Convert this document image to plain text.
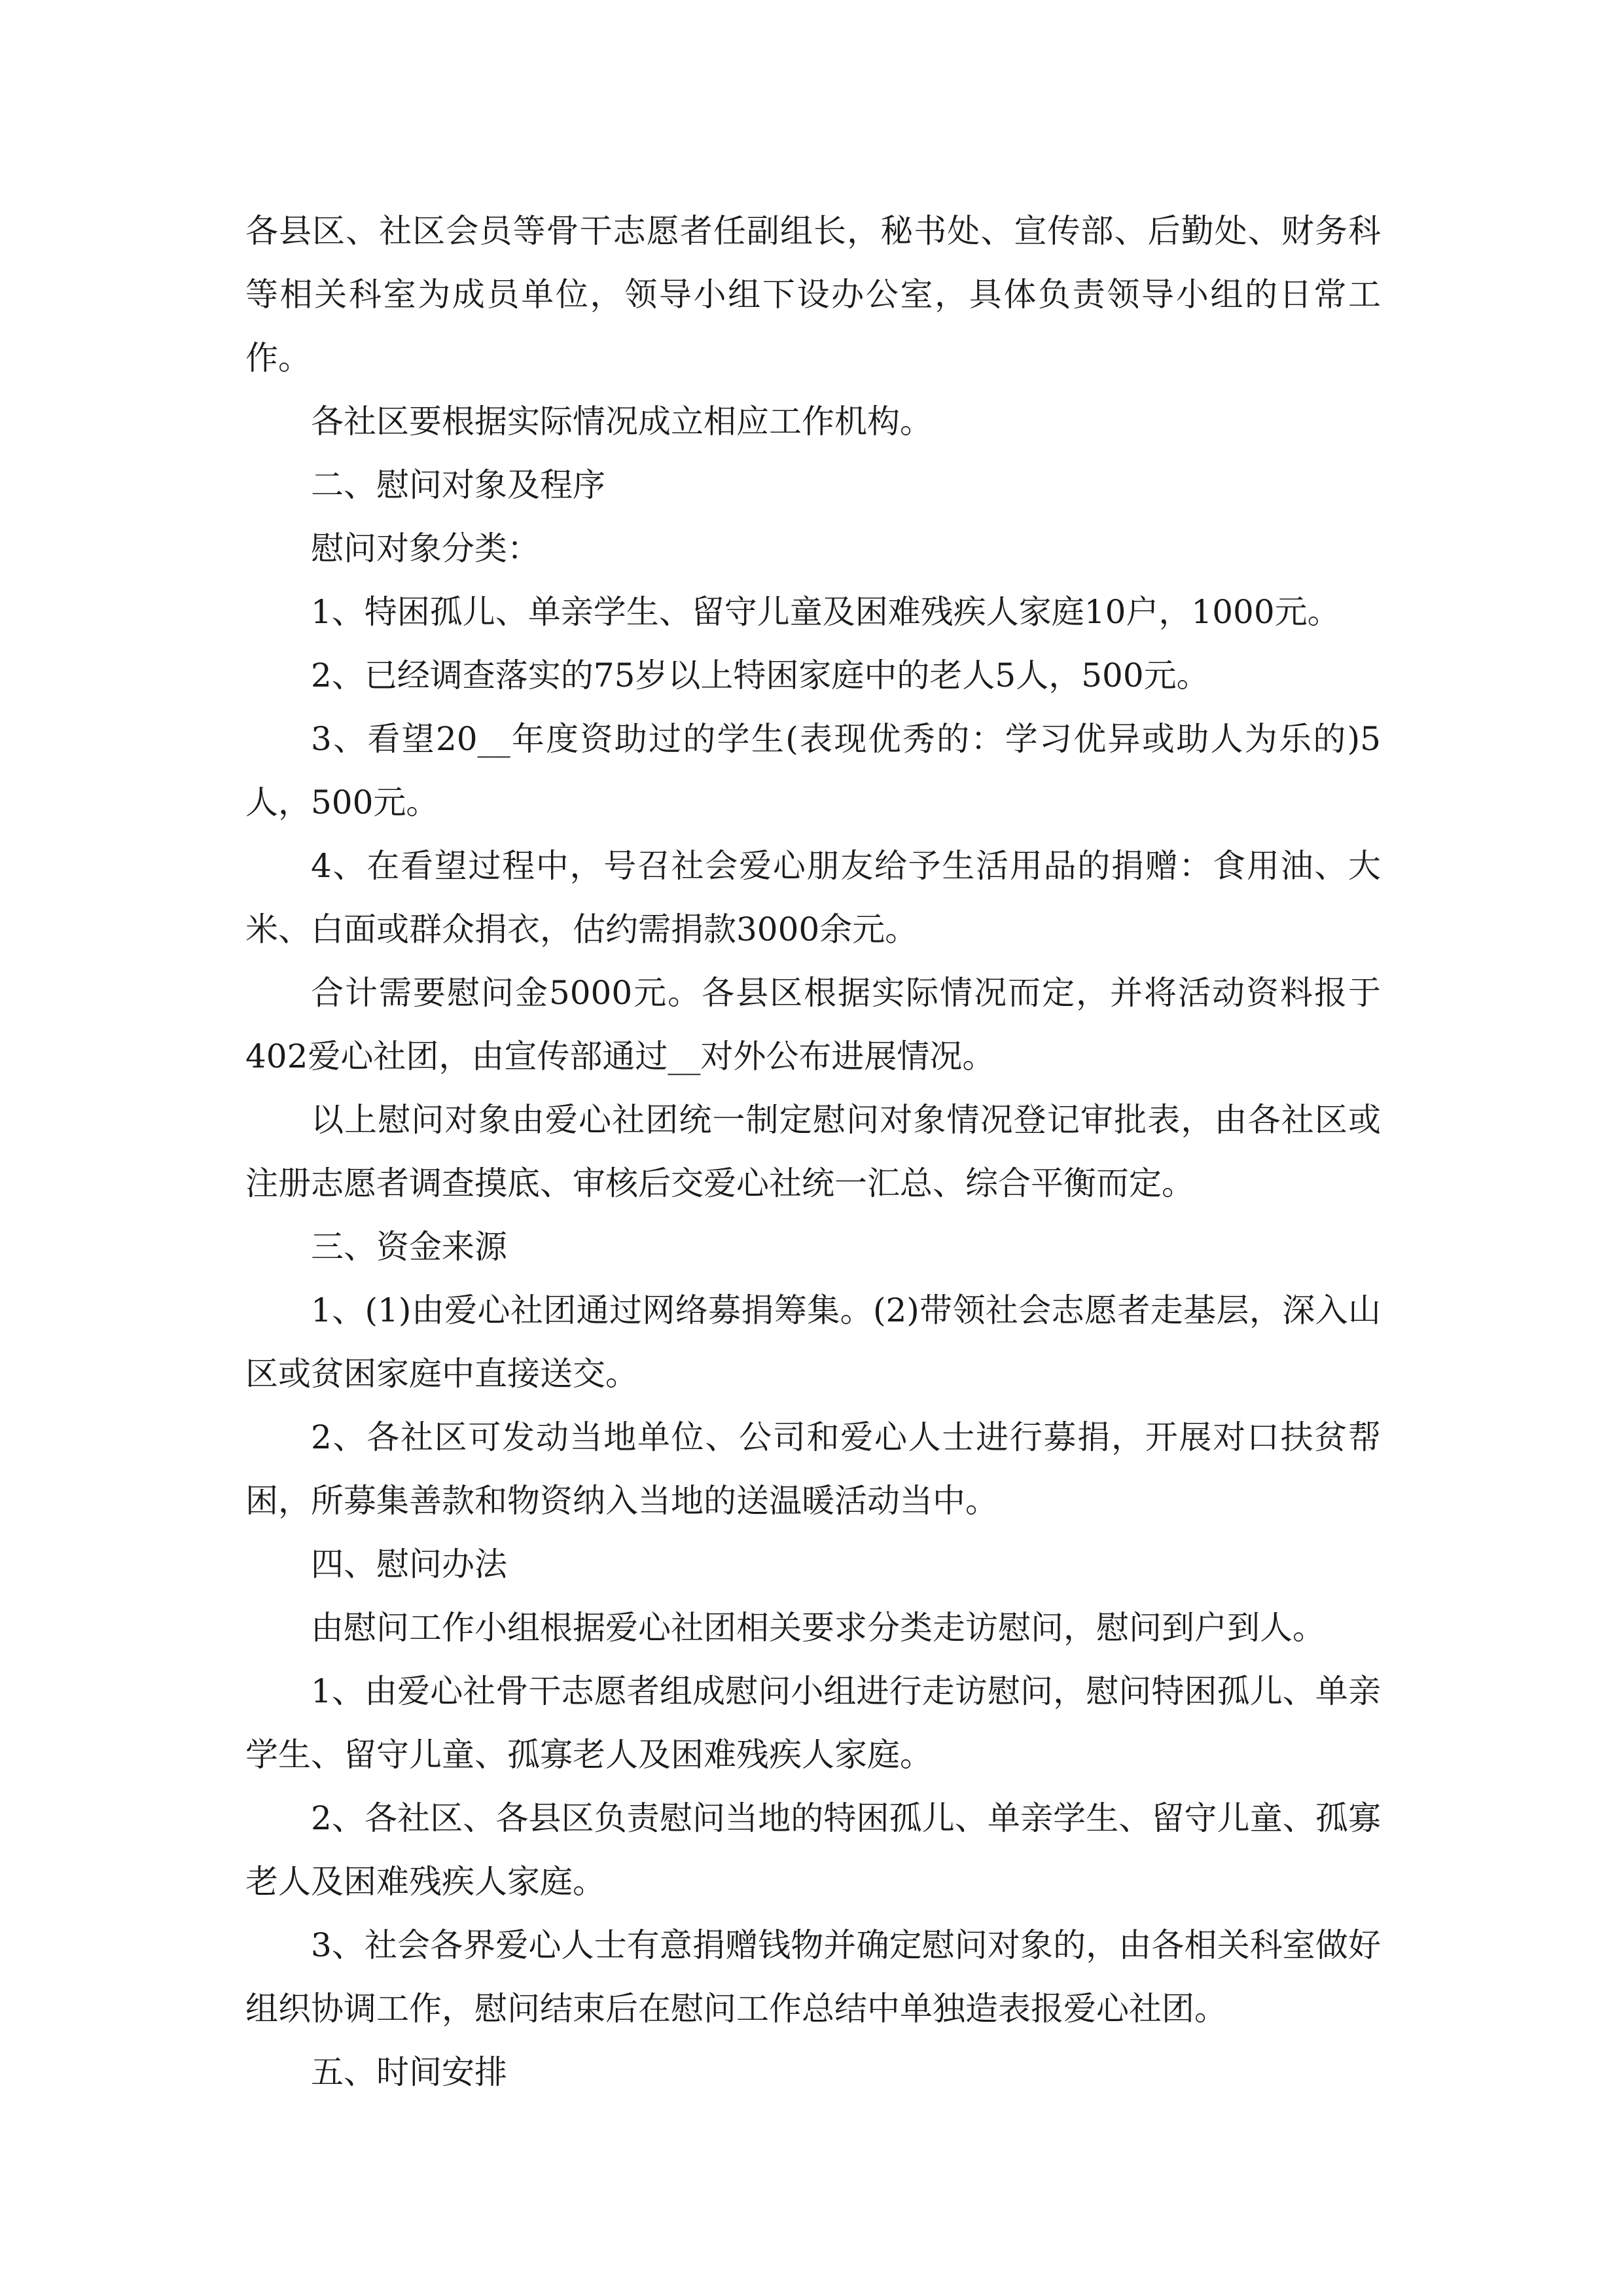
各县区、社区会员等骨干志愿者任副组长，秘书处、宣传部、后勤处、财务科等相关科室为成员单位，领导小组下设办公室，具体负责领导小组的日常工作。

各社区要根据实际情况成立相应工作机构。

二、慰问对象及程序

慰问对象分类：

1、特困孤儿、单亲学生、留守儿童及困难残疾人家庭10户，1000元。

2、已经调查落实的75岁以上特困家庭中的老人5人，500元。

3、看望20__年度资助过的学生(表现优秀的：学习优异或助人为乐的)5人，500元。

4、在看望过程中，号召社会爱心朋友给予生活用品的捐赠：食用油、大米、白面或群众捐衣，估约需捐款3000余元。

合计需要慰问金5000元。各县区根据实际情况而定，并将活动资料报于402爱心社团，由宣传部通过__对外公布进展情况。

以上慰问对象由爱心社团统一制定慰问对象情况登记审批表，由各社区或注册志愿者调查摸底、审核后交爱心社统一汇总、综合平衡而定。

三、资金来源

1、(1)由爱心社团通过网络募捐筹集。(2)带领社会志愿者走基层，深入山区或贫困家庭中直接送交。

2、各社区可发动当地单位、公司和爱心人士进行募捐，开展对口扶贫帮困，所募集善款和物资纳入当地的送温暖活动当中。

四、慰问办法

由慰问工作小组根据爱心社团相关要求分类走访慰问，慰问到户到人。

1、由爱心社骨干志愿者组成慰问小组进行走访慰问，慰问特困孤儿、单亲学生、留守儿童、孤寡老人及困难残疾人家庭。

2、各社区、各县区负责慰问当地的特困孤儿、单亲学生、留守儿童、孤寡老人及困难残疾人家庭。

3、社会各界爱心人士有意捐赠钱物并确定慰问对象的，由各相关科室做好组织协调工作，慰问结束后在慰问工作总结中单独造表报爱心社团。

五、时间安排
